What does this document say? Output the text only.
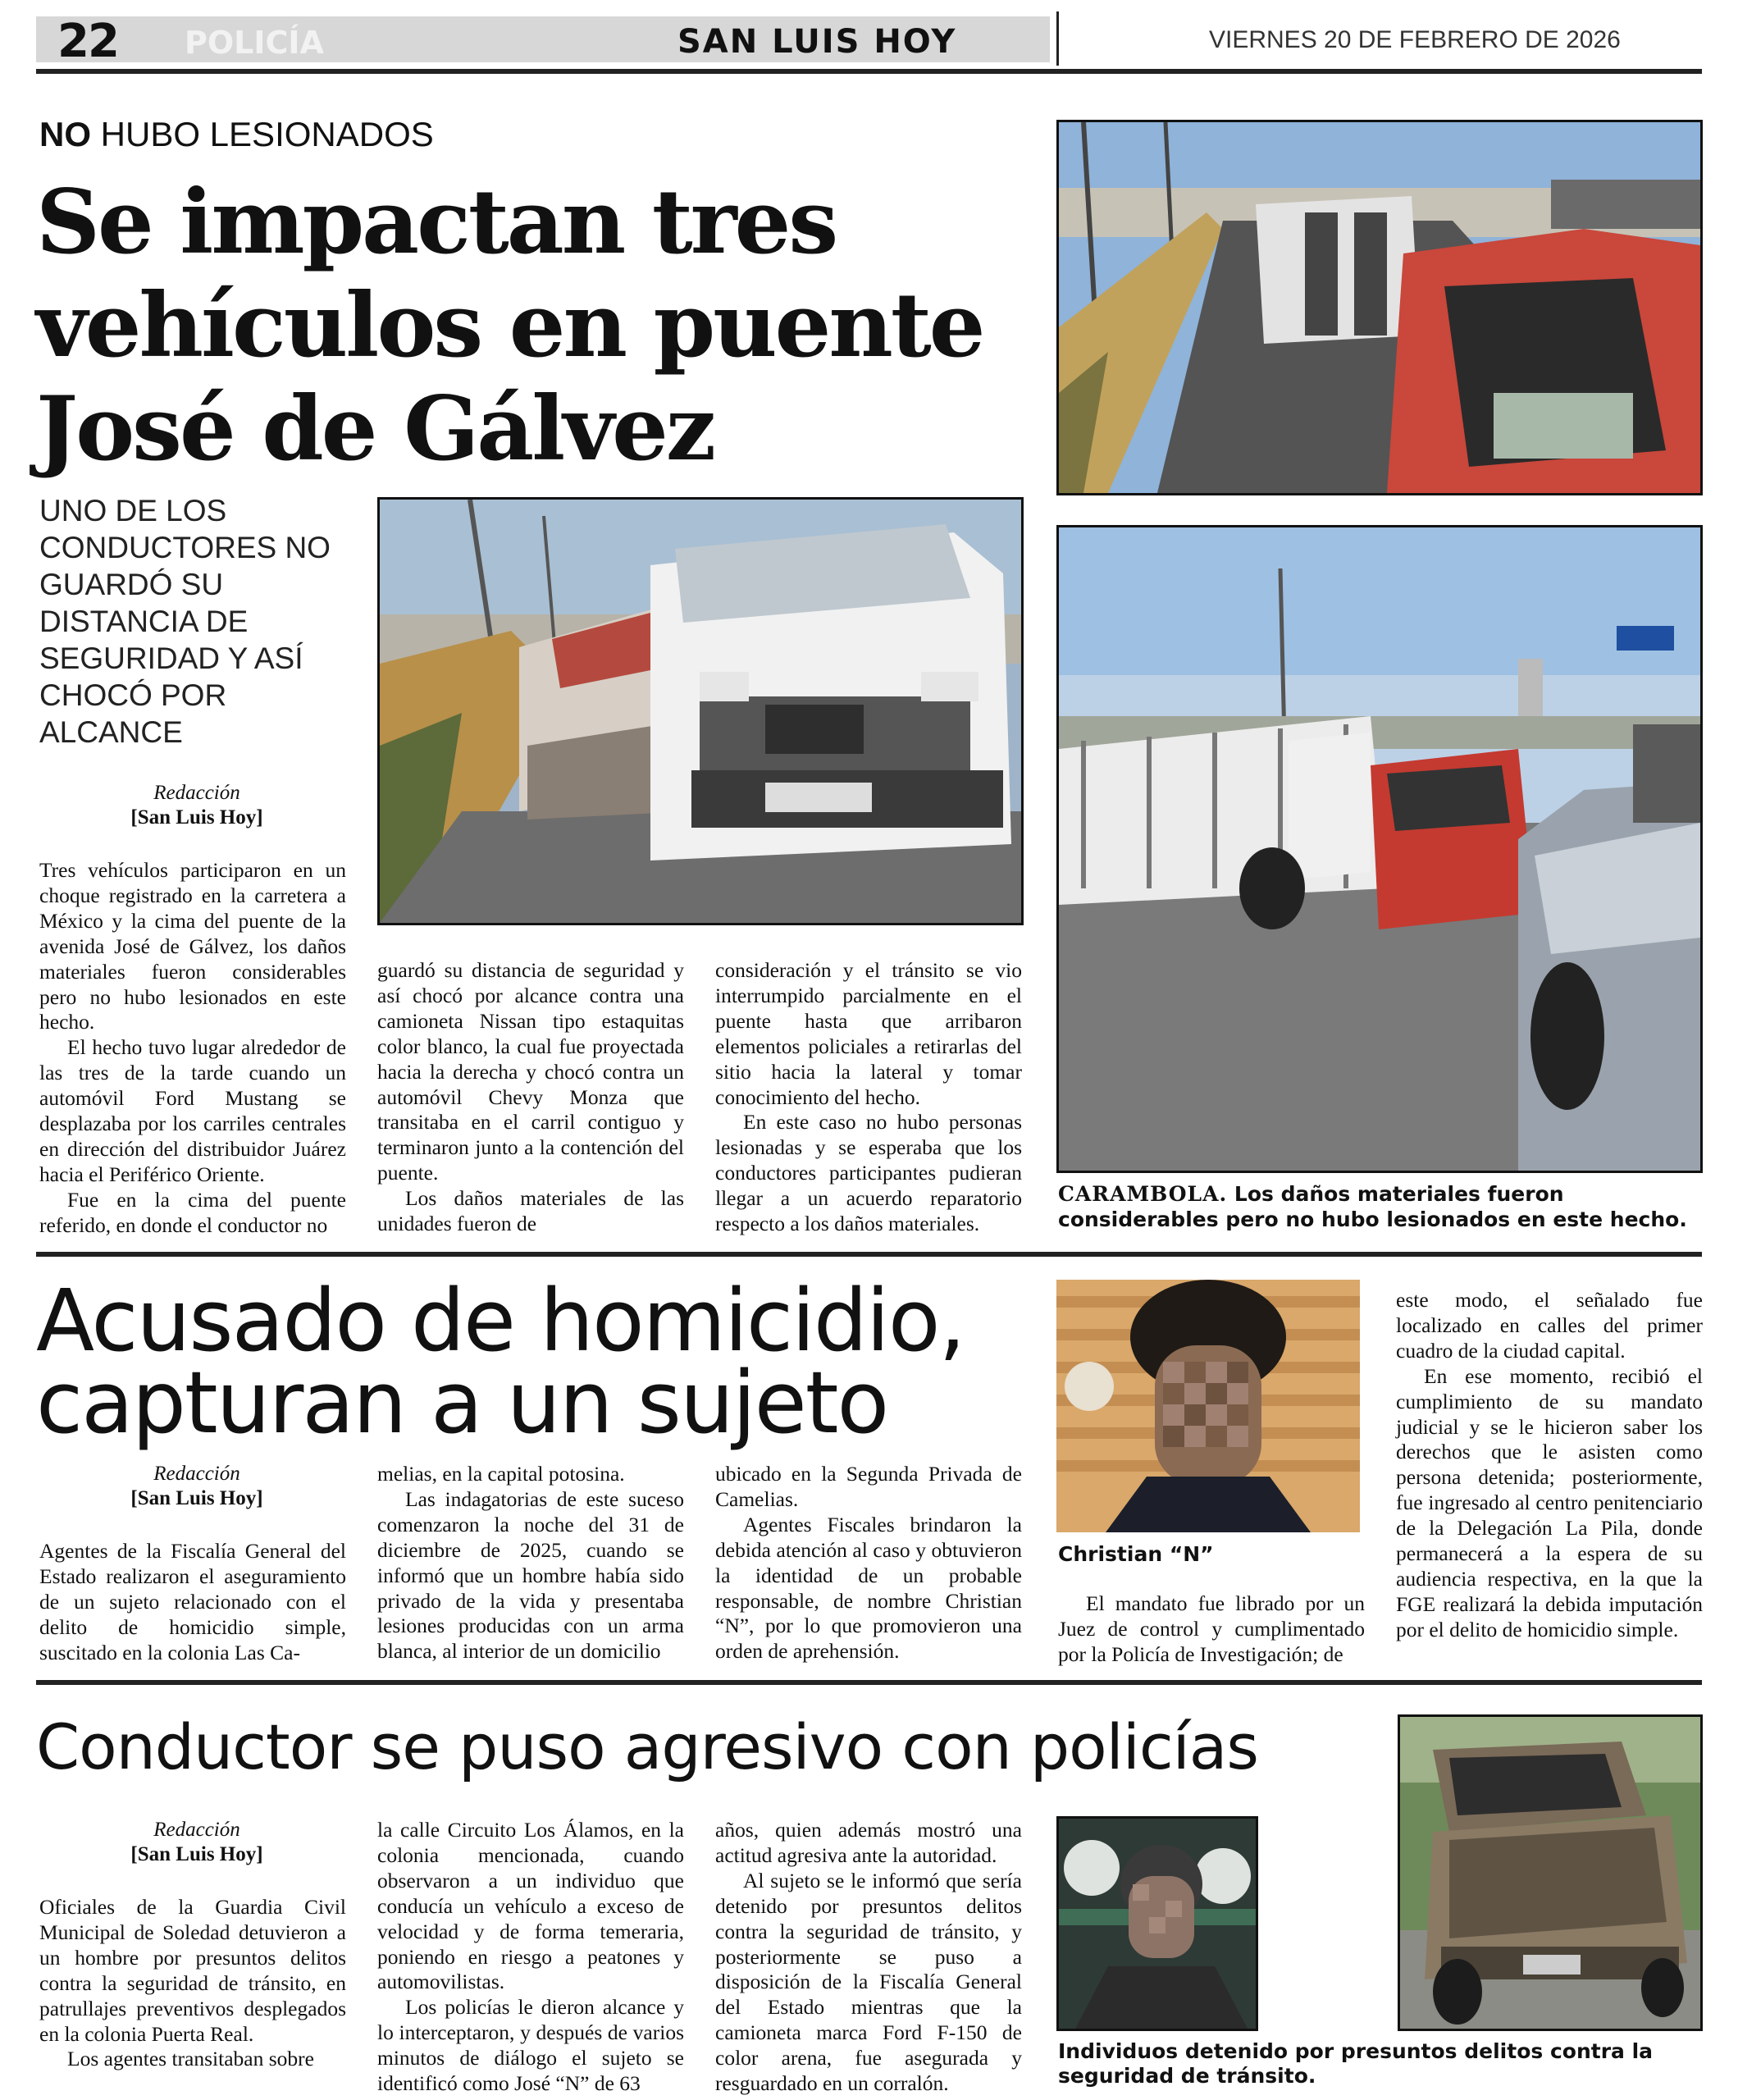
22 POLICÍA	SAN LUIS HOY	VIERNES 20 DE FEBRERO DE 2026
NO HUBO LESIONADOS
Se impactan tres vehículos en puente José de Gálvez
UNO DE LOS CONDUCTORES NO GUARDÓ SU DISTANCIA DE SEGURIDAD Y ASÍ CHOCÓ POR ALCANCE
Redacción
[San Luis Hoy]

Tres vehículos participaron en un choque registrado en la carretera a México y la cima del puente de la avenida José de Gálvez, los daños materiales fueron considerables pero no hubo lesionados en este hecho.

El hecho tuvo lugar alrededor de las tres de la tarde cuando un automóvil Ford Mustang se desplazaba por los carriles centrales en dirección del distribuidor Juárez hacia el Periférico Oriente.

Fue en la cima del puente referido, en donde el conductor no

guardó su distancia de seguridad y así chocó por alcance contra una camioneta Nissan tipo estaquitas color blanco, la cual fue proyectada hacia la derecha y chocó contra un automóvil Chevy Monza que transitaba en el carril contiguo y terminaron junto a la contención del puente.

Los daños materiales de las unidades fueron de

consideración y el tránsito se vio interrumpido parcialmente en el puente hasta que arribaron elementos policiales a retirarlas del sitio hacia la lateral y tomar conocimiento del hecho.

En este caso no hubo personas lesionadas y se esperaba que los conductores participantes pudieran llegar a un acuerdo reparatorio respecto a los daños materiales.

CARAMBOLA. Los daños materiales fueron considerables pero no hubo lesionados en este hecho.
Acusado de homicidio, capturan a un sujeto
Redacción
[San Luis Hoy]

Agentes de la Fiscalía General del Estado realizaron el aseguramiento de un sujeto relacionado con el delito de homicidio simple, suscitado en la colonia Las Ca-

melias, en la capital potosina.

Las indagatorias de este suceso comenzaron la noche del 31 de diciembre de 2025, cuando se informó que un hombre había sido privado de la vida y presentaba lesiones producidas con un arma blanca, al interior de un domicilio

ubicado en la Segunda Privada de Camelias.

Agentes Fiscales brindaron la debida atención al caso y obtuvieron la identidad de un probable responsable, de nombre Christian “N”, por lo que promovieron una orden de aprehensión.

Christian “N”

El mandato fue librado por un Juez de control y cumplimentado por la Policía de Investigación; de

este modo, el señalado fue localizado en calles del primer cuadro de la ciudad capital.

En ese momento, recibió el cumplimiento de su mandato judicial y se le hicieron saber los derechos que le asisten como persona detenida; posteriormente, fue ingresado al centro penitenciario de la Delegación La Pila, donde permanecerá a la espera de su audiencia respectiva, en la que la FGE realizará la debida imputación por el delito de homicidio simple.

Conductor se puso agresivo con policías
Redacción
[San Luis Hoy]

Oficiales de la Guardia Civil Municipal de Soledad detuvieron a un hombre por presuntos delitos contra la seguridad de tránsito, en patrullajes preventivos desplegados en la colonia Puerta Real.

Los agentes transitaban sobre

la calle Circuito Los Álamos, en la colonia mencionada, cuando observaron a un individuo que conducía un vehículo a exceso de velocidad y de forma temeraria, poniendo en riesgo a peatones y automovilistas.

Los policías le dieron alcance y lo interceptaron, y después de varios minutos de diálogo el sujeto se identificó como José “N” de 63

años, quien además mostró una actitud agresiva ante la autoridad.

Al sujeto se le informó que sería detenido por presuntos delitos contra la seguridad de tránsito, y posteriormente se puso a disposición de la Fiscalía General del Estado mientras que la camioneta marca Ford F-150 de color arena, fue asegurada y resguardado en un corralón.

Individuos detenido por presuntos delitos contra la seguridad de tránsito.
